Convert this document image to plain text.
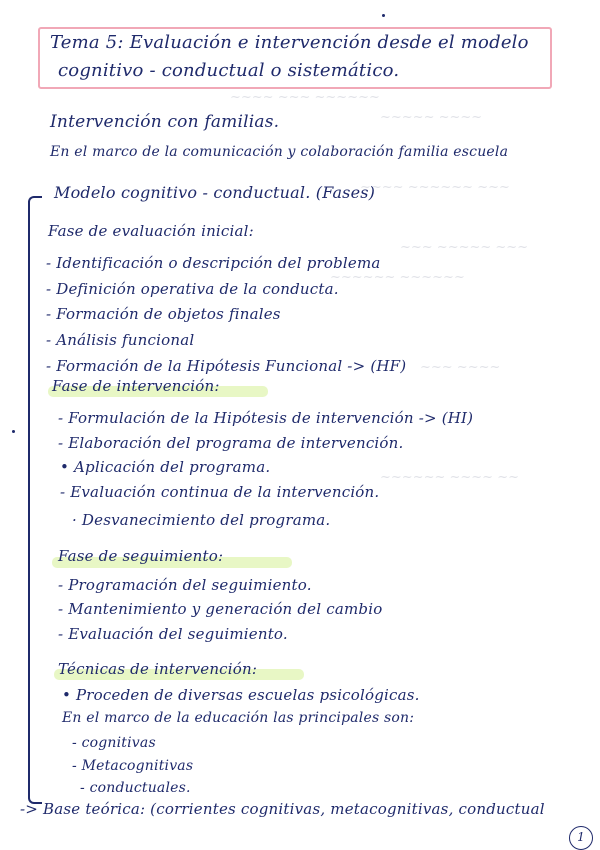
~~~~ ~~~ ~~~~~~
~~~~~ ~~~~
~~~~ ~~~~~~ ~~~
~~~ ~~~~~ ~~~
~~~~~~ ~~~~~~
~~~ ~~~~
~~~~~~ ~~~~ ~~
Tema 5: Evaluación e intervención desde el modelo
cognitivo - conductual o sistemático.
Intervención con familias.
En el marco de la comunicación y colaboración familia escuela
Modelo cognitivo - conductual. (Fases)
Fase de evaluación inicial:
- Identificación o descripción del problema
- Definición operativa de la conducta.
- Formación de objetos finales
- Análisis funcional
- Formación de la Hipótesis Funcional -> (HF)
Fase de intervención:
- Formulación de la Hipótesis de intervención -> (HI)
- Elaboración del programa de intervención.
• Aplicación del programa.
- Evaluación continua de la intervención.
· Desvanecimiento del programa.
Fase de seguimiento:
- Programación del seguimiento.
- Mantenimiento y generación del cambio
- Evaluación del seguimiento.
Técnicas de intervención:
• Proceden de diversas escuelas psicológicas.
En el marco de la educación las principales son:
- cognitivas
- Metacognitivas
- conductuales.
-> Base teórica: (corrientes cognitivas, metacognitivas, conductual
1
